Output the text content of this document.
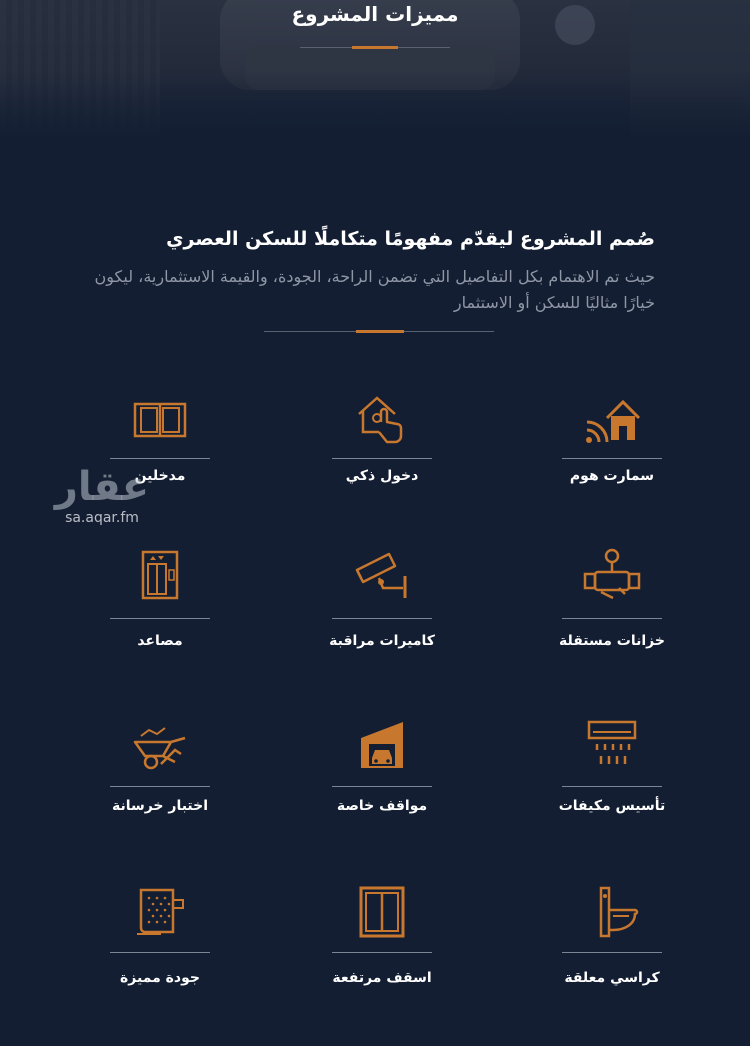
مميزات المشروع
صُمم المشروع ليقدّم مفهومًا متكاملًا للسكن العصري
حيث تم الاهتمام بكل التفاصيل التي تضمن الراحة، الجودة، والقيمة الاستثمارية، ليكون خيارًا مثاليًا للسكن أو الاستثمار
سمارت هوم
دخول ذكي
مدخلين
خزانات مستقلة
كاميرات مراقبة
مصاعد
تأسيس مكيفات
مواقف خاصة
اختبار خرسانة
كراسي معلقة
اسقف مرتفعة
جودة مميزة
عقار
sa.aqar.fm
